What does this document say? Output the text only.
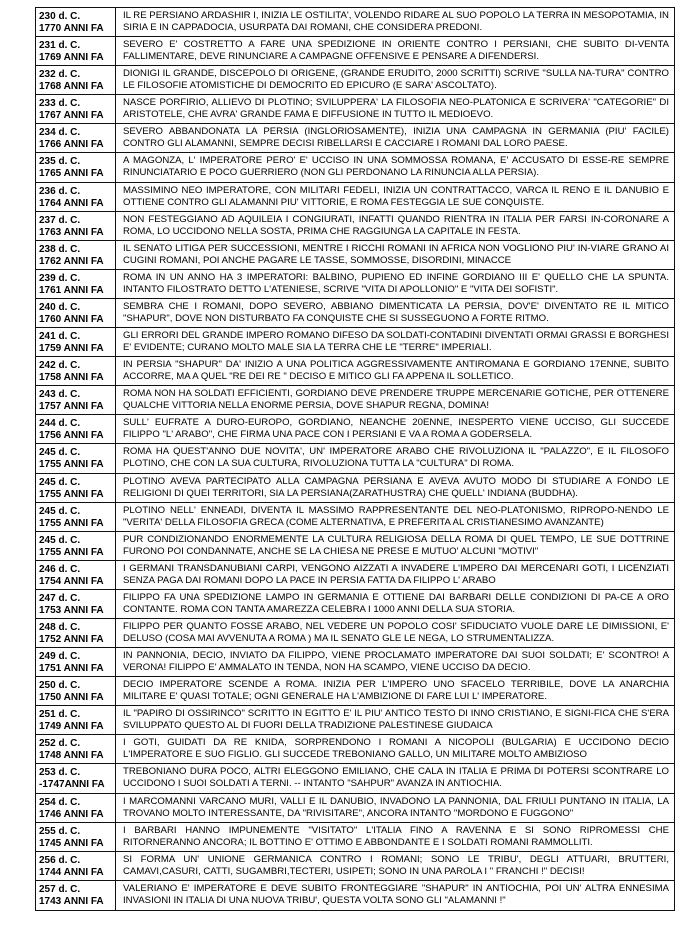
230 d. C.
1770 ANNI FA
IL RE PERSIANO ARDASHIR I, INIZIA LE OSTILITA', VOLENDO RIDARE AL SUO POPOLO LA TERRA IN MESOPOTAMIA, IN SIRIA E IN CAPPADOCIA, USURPATA DAI ROMANI, CHE CONSIDERA PREDONI.
231 d. C.
1769 ANNI FA
SEVERO E' COSTRETTO A FARE UNA SPEDIZIONE IN ORIENTE CONTRO I PERSIANI, CHE SUBITO DI-VENTA FALLIMENTARE, DEVE RINUNCIARE A CAMPAGNE OFFENSIVE E PENSARE A DIFENDERSI.
232 d. C.
1768 ANNI FA
DIONIGI IL GRANDE, DISCEPOLO DI ORIGENE, (GRANDE ERUDITO, 2000 SCRITTI) SCRIVE "SULLA NA-TURA" CONTRO LE FILOSOFIE ATOMISTICHE DI DEMOCRITO ED EPICURO (E SARA' ASCOLTATO).
233 d. C.
1767 ANNI FA
NASCE PORFIRIO, ALLIEVO DI PLOTINO; SVILUPPERA' LA FILOSOFIA NEO-PLATONICA E SCRIVERA' "CATEGORIE" DI ARISTOTELE, CHE AVRA' GRANDE FAMA E DIFFUSIONE IN TUTTO IL MEDIOEVO.
234 d. C.
1766 ANNI FA
SEVERO ABBANDONATA LA PERSIA (INGLORIOSAMENTE), INIZIA UNA CAMPAGNA IN GERMANIA (PIU' FACILE) CONTRO GLI ALAMANNI, SEMPRE DECISI RIBELLARSI E CACCIARE I ROMANI DAL LORO PAESE.
235 d. C.
1765 ANNI FA
A MAGONZA, L' IMPERATORE PERO' E' UCCISO IN UNA SOMMOSSA ROMANA, E' ACCUSATO DI ESSE-RE SEMPRE RINUNCIATARIO E POCO GUERRIERO (NON GLI PERDONANO LA RINUNCIA ALLA PERSIA).
236 d. C.
1764 ANNI FA
MASSIMINO NEO IMPERATORE, CON MILITARI FEDELI, INIZIA UN CONTRATTACCO, VARCA IL RENO E IL DANUBIO E OTTIENE CONTRO GLI ALAMANNI PIU' VITTORIE, E ROMA FESTEGGIA LE SUE CONQUISTE.
237 d. C.
1763 ANNI FA
NON FESTEGGIANO AD AQUILEIA I CONGIURATI, INFATTI QUANDO RIENTRA IN ITALIA PER FARSI IN-CORONARE A ROMA, LO UCCIDONO NELLA SOSTA, PRIMA CHE RAGGIUNGA LA CAPITALE IN FESTA.
238 d. C.
1762 ANNI FA
IL SENATO LITIGA PER SUCCESSIONI, MENTRE I RICCHI ROMANI IN AFRICA NON VOGLIONO PIU' IN-VIARE GRANO AI CUGINI ROMANI, POI ANCHE PAGARE LE TASSE, SOMMOSSE, DISORDINI, MINACCE
239 d. C.
1761 ANNI FA
ROMA IN UN ANNO HA 3 IMPERATORI: BALBINO, PUPIENO ED INFINE GORDIANO III E' QUELLO CHE LA SPUNTA. INTANTO FILOSTRATO DETTO L'ATENIESE, SCRIVE "VITA DI APOLLONIO" E "VITA DEI SOFISTI".
240 d. C.
1760 ANNI FA
SEMBRA CHE I ROMANI, DOPO SEVERO, ABBIANO DIMENTICATA LA PERSIA, DOV'E' DIVENTATO RE IL MITICO "SHAPUR", DOVE NON DISTURBATO FA CONQUISTE CHE SI SUSSEGUONO A FORTE RITMO.
241 d. C.
1759 ANNI FA
GLI ERRORI DEL GRANDE IMPERO ROMANO DIFESO DA SOLDATI-CONTADINI DIVENTATI ORMAI GRASSI E BORGHESI E' EVIDENTE; CURANO MOLTO MALE SIA LA TERRA CHE LE "TERRE" IMPERIALI.
242 d. C.
1758 ANNI FA
IN PERSIA "SHAPUR" DA' INIZIO A UNA POLITICA AGGRESSIVAMENTE ANTIROMANA E GORDIANO 17ENNE, SUBITO ACCORRE, MA A QUEL "RE DEI RE " DECISO E MITICO GLI FA APPENA IL SOLLETICO.
243 d. C.
1757 ANNI FA
ROMA NON HA SOLDATI EFFICIENTI, GORDIANO DEVE PRENDERE TRUPPE MERCENARIE GOTICHE, PER OTTENERE QUALCHE VITTORIA NELLA ENORME PERSIA, DOVE SHAPUR REGNA, DOMINA!
244 d. C.
1756 ANNI FA
SULL' EUFRATE A DURO-EUROPO, GORDIANO, NEANCHE 20ENNE, INESPERTO VIENE UCCISO, GLI SUCCEDE FILIPPO "L' ARABO", CHE FIRMA UNA PACE CON I PERSIANI E VA A ROMA A GODERSELA.
245 d. C.
1755 ANNI FA
ROMA HA QUEST'ANNO DUE NOVITA', UN' IMPERATORE ARABO CHE RIVOLUZIONA IL "PALAZZO", E IL FILOSOFO PLOTINO, CHE CON LA SUA CULTURA, RIVOLUZIONA TUTTA LA "CULTURA" DI ROMA.
245 d. C.
1755 ANNI FA
PLOTINO AVEVA PARTECIPATO ALLA CAMPAGNA PERSIANA E AVEVA AVUTO MODO DI STUDIARE A FONDO LE RELIGIONI DI QUEI TERRITORI, SIA LA PERSIANA(ZARATHUSTRA) CHE QUELL' INDIANA (BUDDHA).
245 d. C.
1755 ANNI FA
PLOTINO NELL' ENNEADI, DIVENTA IL MASSIMO RAPPRESENTANTE DEL NEO-PLATONISMO, RIPROPO-NENDO LE "VERITA' DELLA FILOSOFIA GRECA (COME ALTERNATIVA, E PREFERITA AL CRISTIANESIMO AVANZANTE)
245 d. C.
1755 ANNI FA
PUR CONDIZIONANDO ENORMEMENTE LA CULTURA RELIGIOSA DELLA ROMA DI QUEL TEMPO, LE SUE DOTTRINE FURONO POI CONDANNATE, ANCHE SE LA CHIESA NE PRESE E MUTUO' ALCUNI "MOTIVI"
246 d. C.
1754 ANNI FA
I GERMANI TRANSDANUBIANI CARPI, VENGONO AIZZATI A INVADERE L'IMPERO DAI MERCENARI GOTI, I LICENZIATI SENZA PAGA DAI ROMANI DOPO LA PACE IN PERSIA FATTA DA FILIPPO L' ARABO
247 d. C.
1753 ANNI FA
FILIPPO FA UNA SPEDIZIONE LAMPO IN GERMANIA E OTTIENE DAI BARBARI DELLE CONDIZIONI DI PA-CE A ORO CONTANTE. ROMA CON TANTA AMAREZZA CELEBRA I 1000 ANNI DELLA SUA STORIA.
248 d. C.
1752 ANNI FA
FILIPPO PER QUANTO FOSSE ARABO, NEL VEDERE UN POPOLO COSI' SFIDUCIATO VUOLE DARE LE DIMISSIONI, E' DELUSO (COSA MAI AVVENUTA A ROMA ) MA IL SENATO GLE LE NEGA, LO STRUMENTALIZZA.
249 d. C.
1751 ANNI FA
IN PANNONIA, DECIO, INVIATO DA FILIPPO, VIENE PROCLAMATO IMPERATORE DAI SUOI SOLDATI; E' SCONTRO! A VERONA! FILIPPO E' AMMALATO IN TENDA, NON HA SCAMPO, VIENE UCCISO DA DECIO.
250 d. C.
1750 ANNI FA
DECIO IMPERATORE SCENDE A ROMA. INIZIA PER L'IMPERO UNO SFACELO TERRIBILE, DOVE LA ANARCHIA MILITARE E' QUASI TOTALE; OGNI GENERALE HA L'AMBIZIONE DI FARE LUI L' IMPERATORE.
251 d. C.
1749 ANNI FA
IL "PAPIRO DI OSSIRINCO" SCRITTO IN EGITTO E' IL PIU' ANTICO TESTO DI INNO CRISTIANO, E SIGNI-FICA CHE S'ERA SVILUPPATO QUESTO AL DI FUORI DELLA TRADIZIONE PALESTINESE GIUDAICA
252 d. C.
1748 ANNI FA
I GOTI, GUIDATI DA RE KNIDA, SORPRENDONO I ROMANI A NICOPOLI (BULGARIA) E UCCIDONO DECIO L'IMPERATORE E SUO FIGLIO. GLI SUCCEDE TREBONIANO GALLO, UN MILITARE MOLTO AMBIZIOSO
253 d. C.
-1747ANNI FA
TREBONIANO DURA POCO, ALTRI ELEGGONO EMILIANO, CHE CALA IN ITALIA E PRIMA DI POTERSI SCONTRARE LO UCCIDONO I SUOI SOLDATI A TERNI. -- INTANTO "SAHPUR" AVANZA IN ANTIOCHIA.
254 d. C.
1746 ANNI FA
I MARCOMANNI VARCANO MURI, VALLI E IL DANUBIO, INVADONO LA PANNONIA, DAL FRIULI PUNTANO IN ITALIA, LA TROVANO MOLTO INTERESSANTE, DA "RIVISITARE", ANCORA INTANTO "MORDONO E FUGGONO"
255 d. C.
1745 ANNI FA
I BARBARI HANNO IMPUNEMENTE "VISITATO" L'ITALIA FINO A RAVENNA E SI SONO RIPROMESSI CHE RITORNERANNO ANCORA; IL BOTTINO E' OTTIMO E ABBONDANTE E I SOLDATI ROMANI RAMMOLLITI.
256 d. C.
1744 ANNI FA
SI FORMA UN' UNIONE GERMANICA CONTRO I ROMANI; SONO LE TRIBU', DEGLI ATTUARI, BRUTTERI, CAMAVI,CASURI, CATTI, SUGAMBRI,TECTERI, USIPETI; SONO IN UNA PAROLA I " FRANCHI !" DECISI!
257 d. C.
1743 ANNI FA
VALERIANO E' IMPERATORE E DEVE SUBITO FRONTEGGIARE "SHAPUR" IN ANTIOCHIA, POI UN' ALTRA ENNESIMA INVASIONI IN ITALIA DI UNA NUOVA TRIBU', QUESTA VOLTA SONO GLI "ALAMANNI !"
